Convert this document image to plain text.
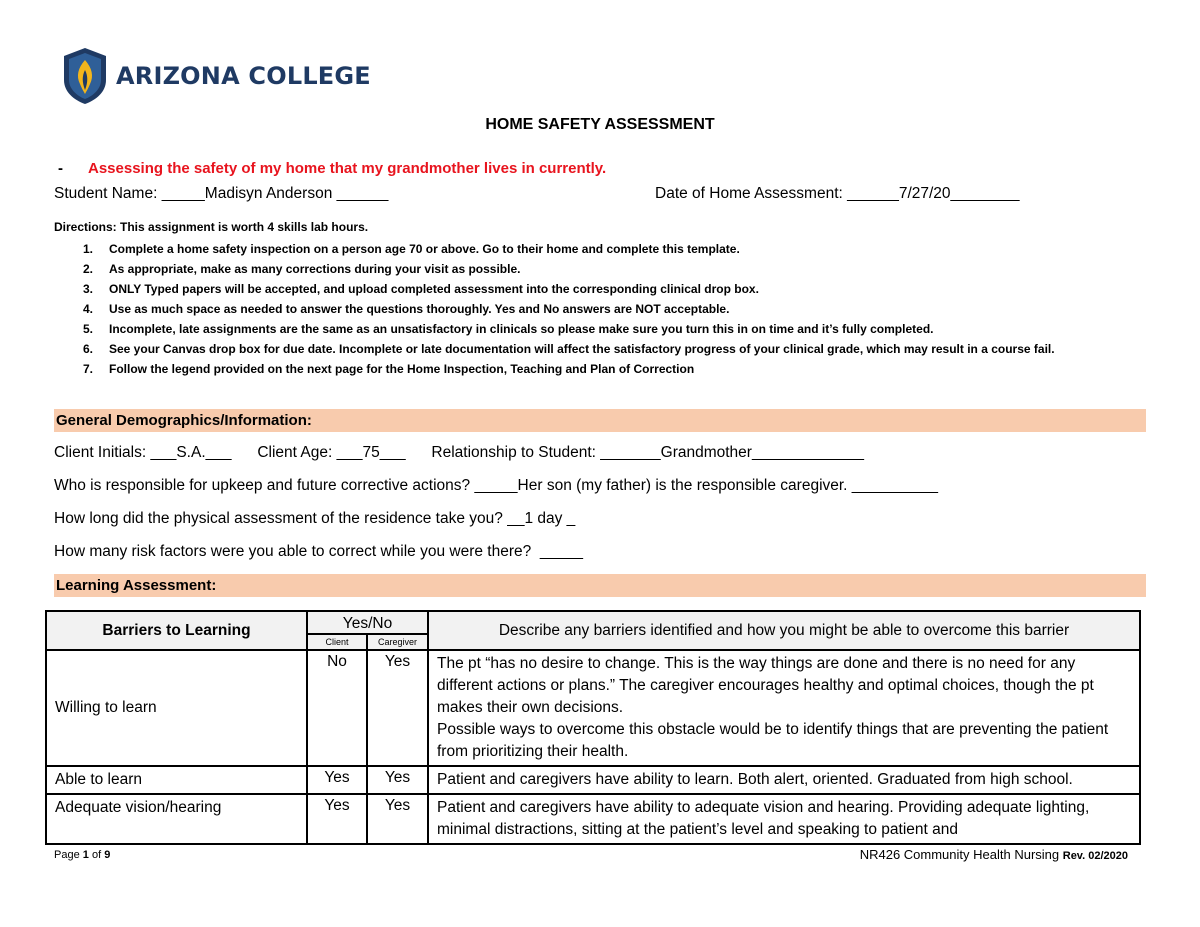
ARIZONA COLLEGE
HOME SAFETY ASSESSMENT
- Assessing the safety of my home that my grandmother lives in currently.
Student Name: _____Madisyn Anderson ______	Date of Home Assessment: ______7/27/20________
Directions: This assignment is worth 4 skills lab hours.
1.	Complete a home safety inspection on a person age 70 or above. Go to their home and complete this template.
2.	As appropriate, make as many corrections during your visit as possible.
3.	ONLY Typed papers will be accepted, and upload completed assessment into the corresponding clinical drop box.
4.	Use as much space as needed to answer the questions thoroughly. Yes and No answers are NOT acceptable.
5.	Incomplete, late assignments are the same as an unsatisfactory in clinicals so please make sure you turn this in on time and it’s fully completed.
6.	See your Canvas drop box for due date. Incomplete or late documentation will affect the satisfactory progress of your clinical grade, which may result in a course fail.
7.	Follow the legend provided on the next page for the Home Inspection, Teaching and Plan of Correction
General Demographics/Information:
Client Initials: ___S.A.___      Client Age: ___75___      Relationship to Student: _______Grandmother_____________
Who is responsible for upkeep and future corrective actions? _____Her son (my father) is the responsible caregiver. __________
How long did the physical assessment of the residence take you? __1 day _
How many risk factors were you able to correct while you were there?  _____
Learning Assessment:
Barriers to Learning	Yes/No		Describe any barriers identified and how you might be able to overcome this barrier
	Client	Caregiver	
Willing to learn	No	Yes	The pt “has no desire to change. This is the way things are done and there is no need for any different actions or plans.” The caregiver encourages healthy and optimal choices, though the pt makes their own decisions.
Possible ways to overcome this obstacle would be to identify things that are preventing the patient from prioritizing their health.

Able to learn	Yes	Yes	Patient and caregivers have ability to learn. Both alert, oriented. Graduated from high school.
Adequate vision/hearing	Yes	Yes	Patient and caregivers have ability to adequate vision and hearing. Providing adequate lighting, minimal distractions, sitting at the patient’s level and speaking to patient and
Page 1 of 9	NR426 Community Health Nursing Rev. 02/2020
